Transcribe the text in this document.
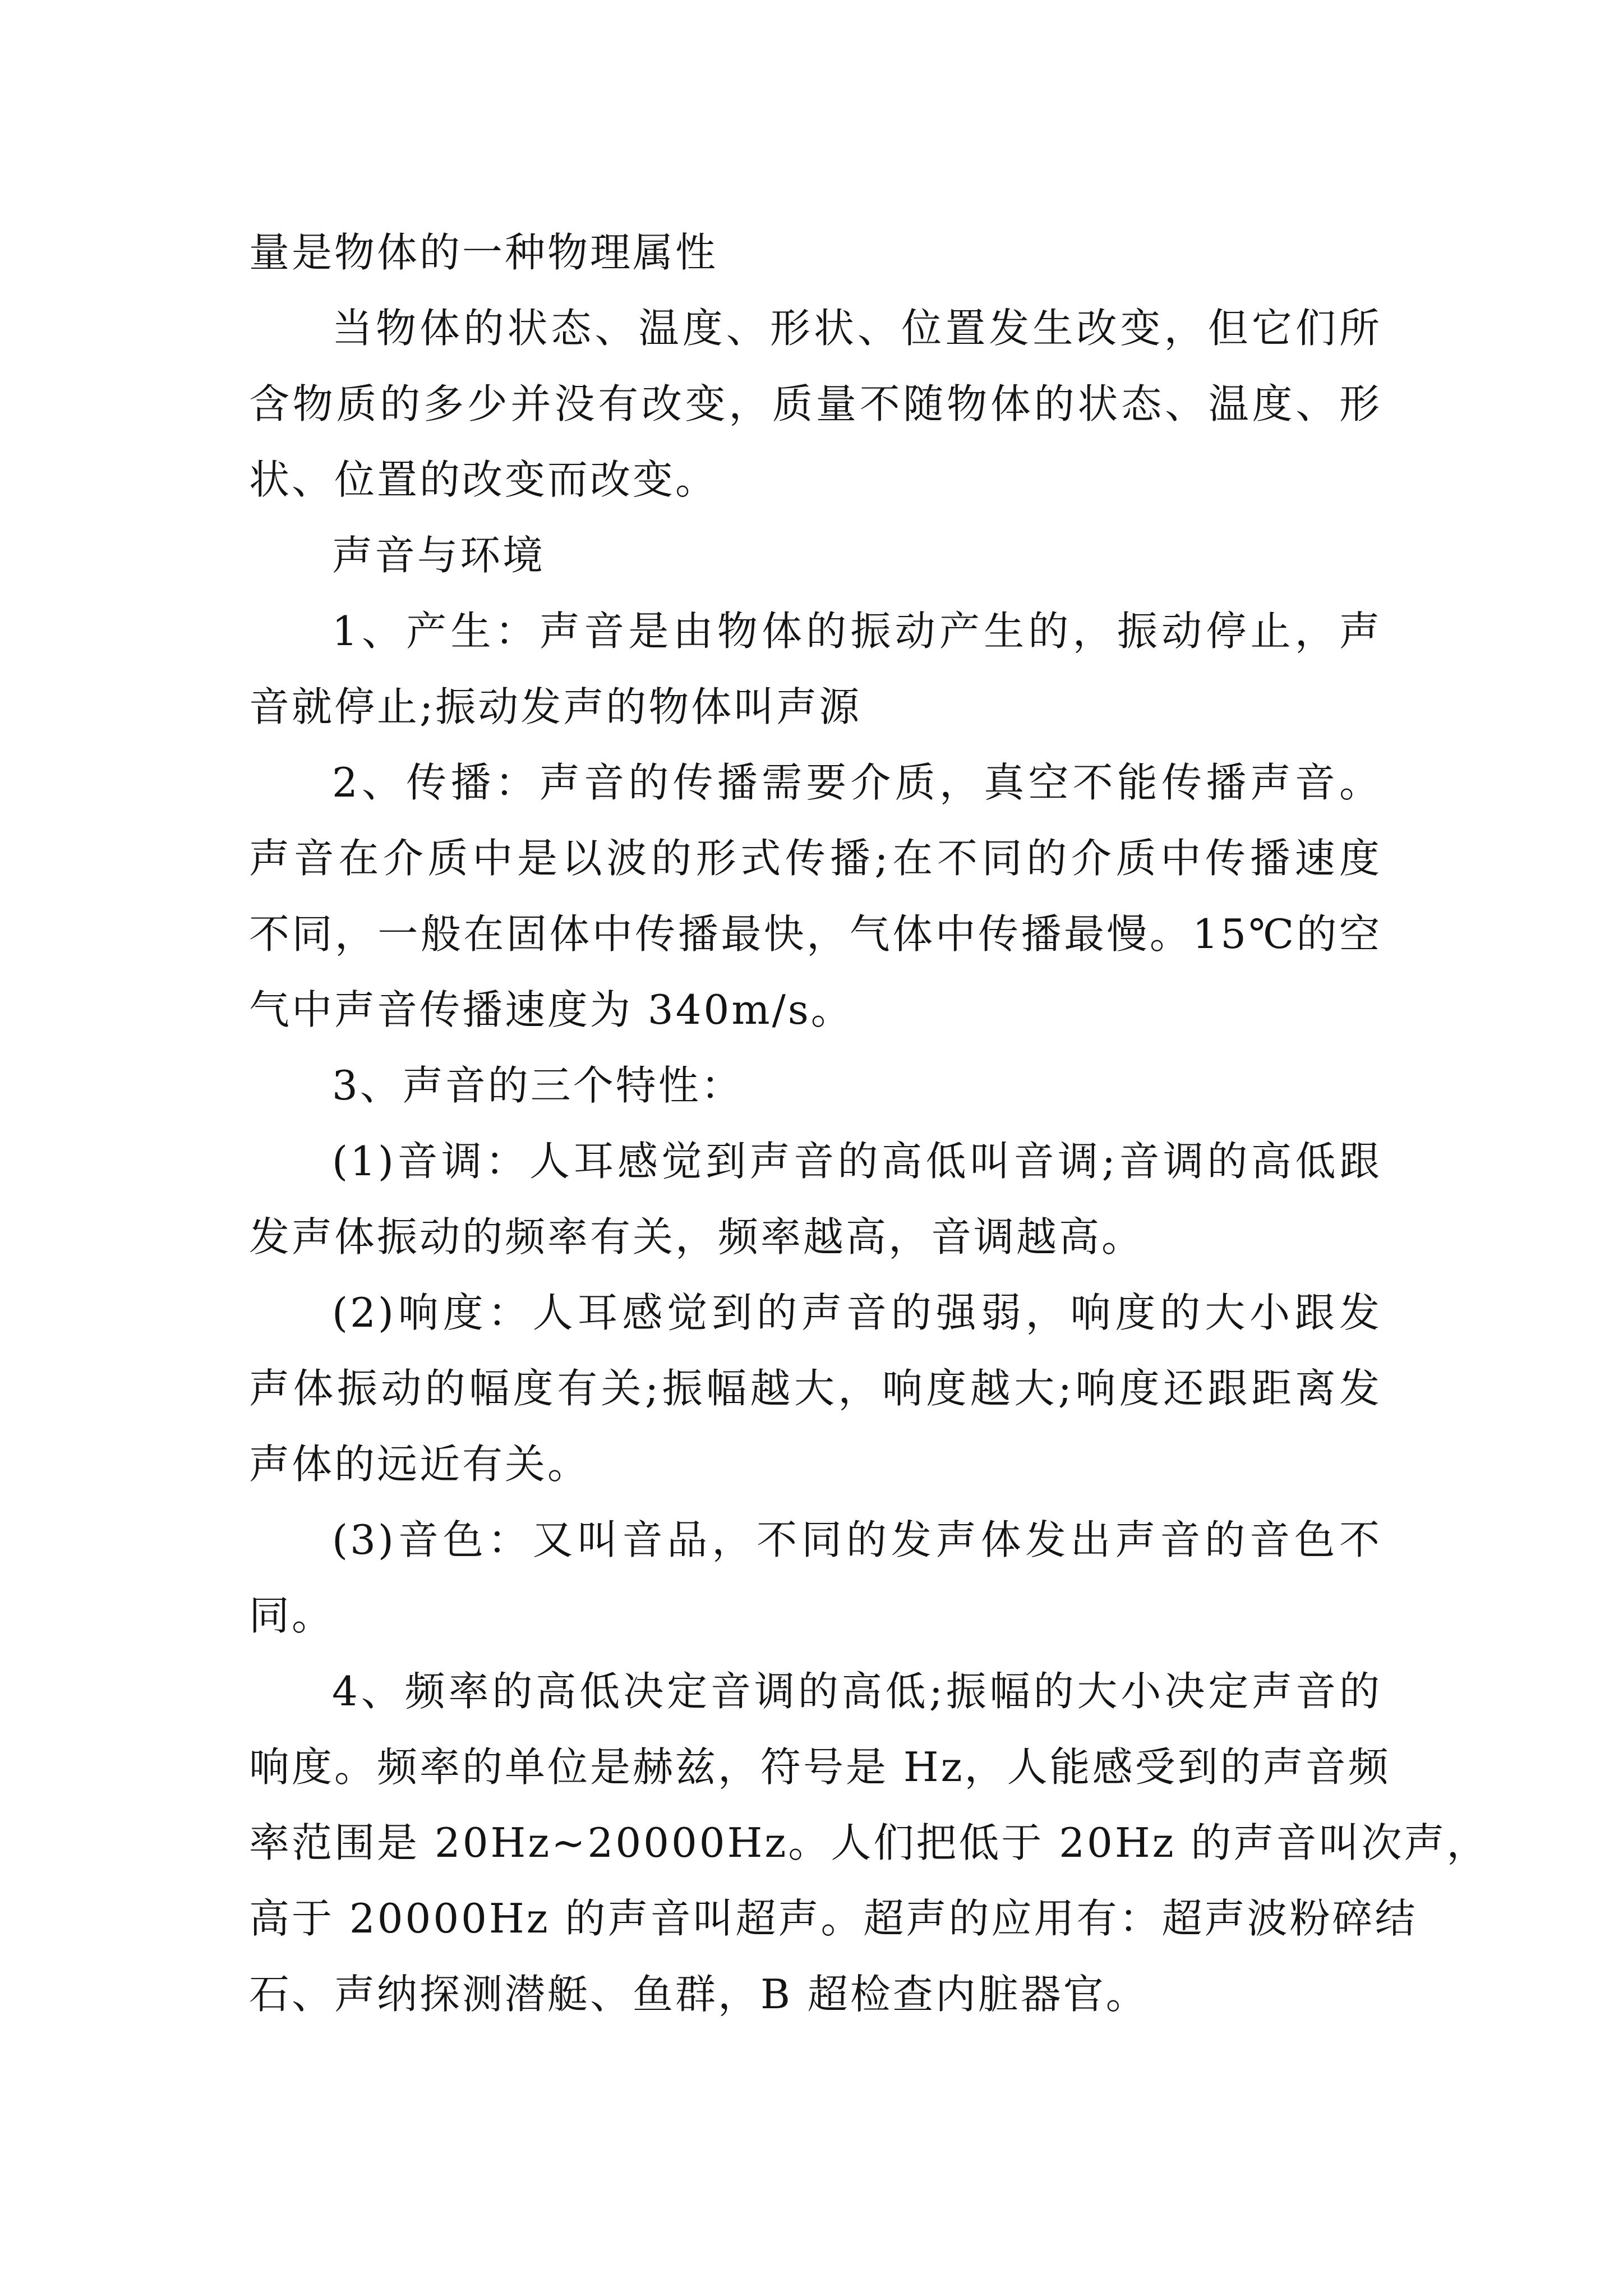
量是物体的一种物理属性
当物体的状态、温度、形状、位置发生改变，但它们所
含物质的多少并没有改变，质量不随物体的状态、温度、形
状、位置的改变而改变。
声音与环境
1、产生：声音是由物体的振动产生的，振动停止，声
音就停止;振动发声的物体叫声源
2、传播：声音的传播需要介质，真空不能传播声音。
声音在介质中是以波的形式传播;在不同的介质中传播速度
不同，一般在固体中传播最快，气体中传播最慢。15℃的空
气中声音传播速度为 340m/s。
3、声音的三个特性：
(1)音调：人耳感觉到声音的高低叫音调;音调的高低跟
发声体振动的频率有关，频率越高，音调越高。
(2)响度：人耳感觉到的声音的强弱，响度的大小跟发
声体振动的幅度有关;振幅越大，响度越大;响度还跟距离发
声体的远近有关。
(3)音色：又叫音品，不同的发声体发出声音的音色不
同。
4、频率的高低决定音调的高低;振幅的大小决定声音的
响度。频率的单位是赫兹，符号是 Hz，人能感受到的声音频
率范围是 20Hz~20000Hz。人们把低于 20Hz 的声音叫次声，
高于 20000Hz 的声音叫超声。超声的应用有：超声波粉碎结
石、声纳探测潜艇、鱼群，B 超检查内脏器官。
